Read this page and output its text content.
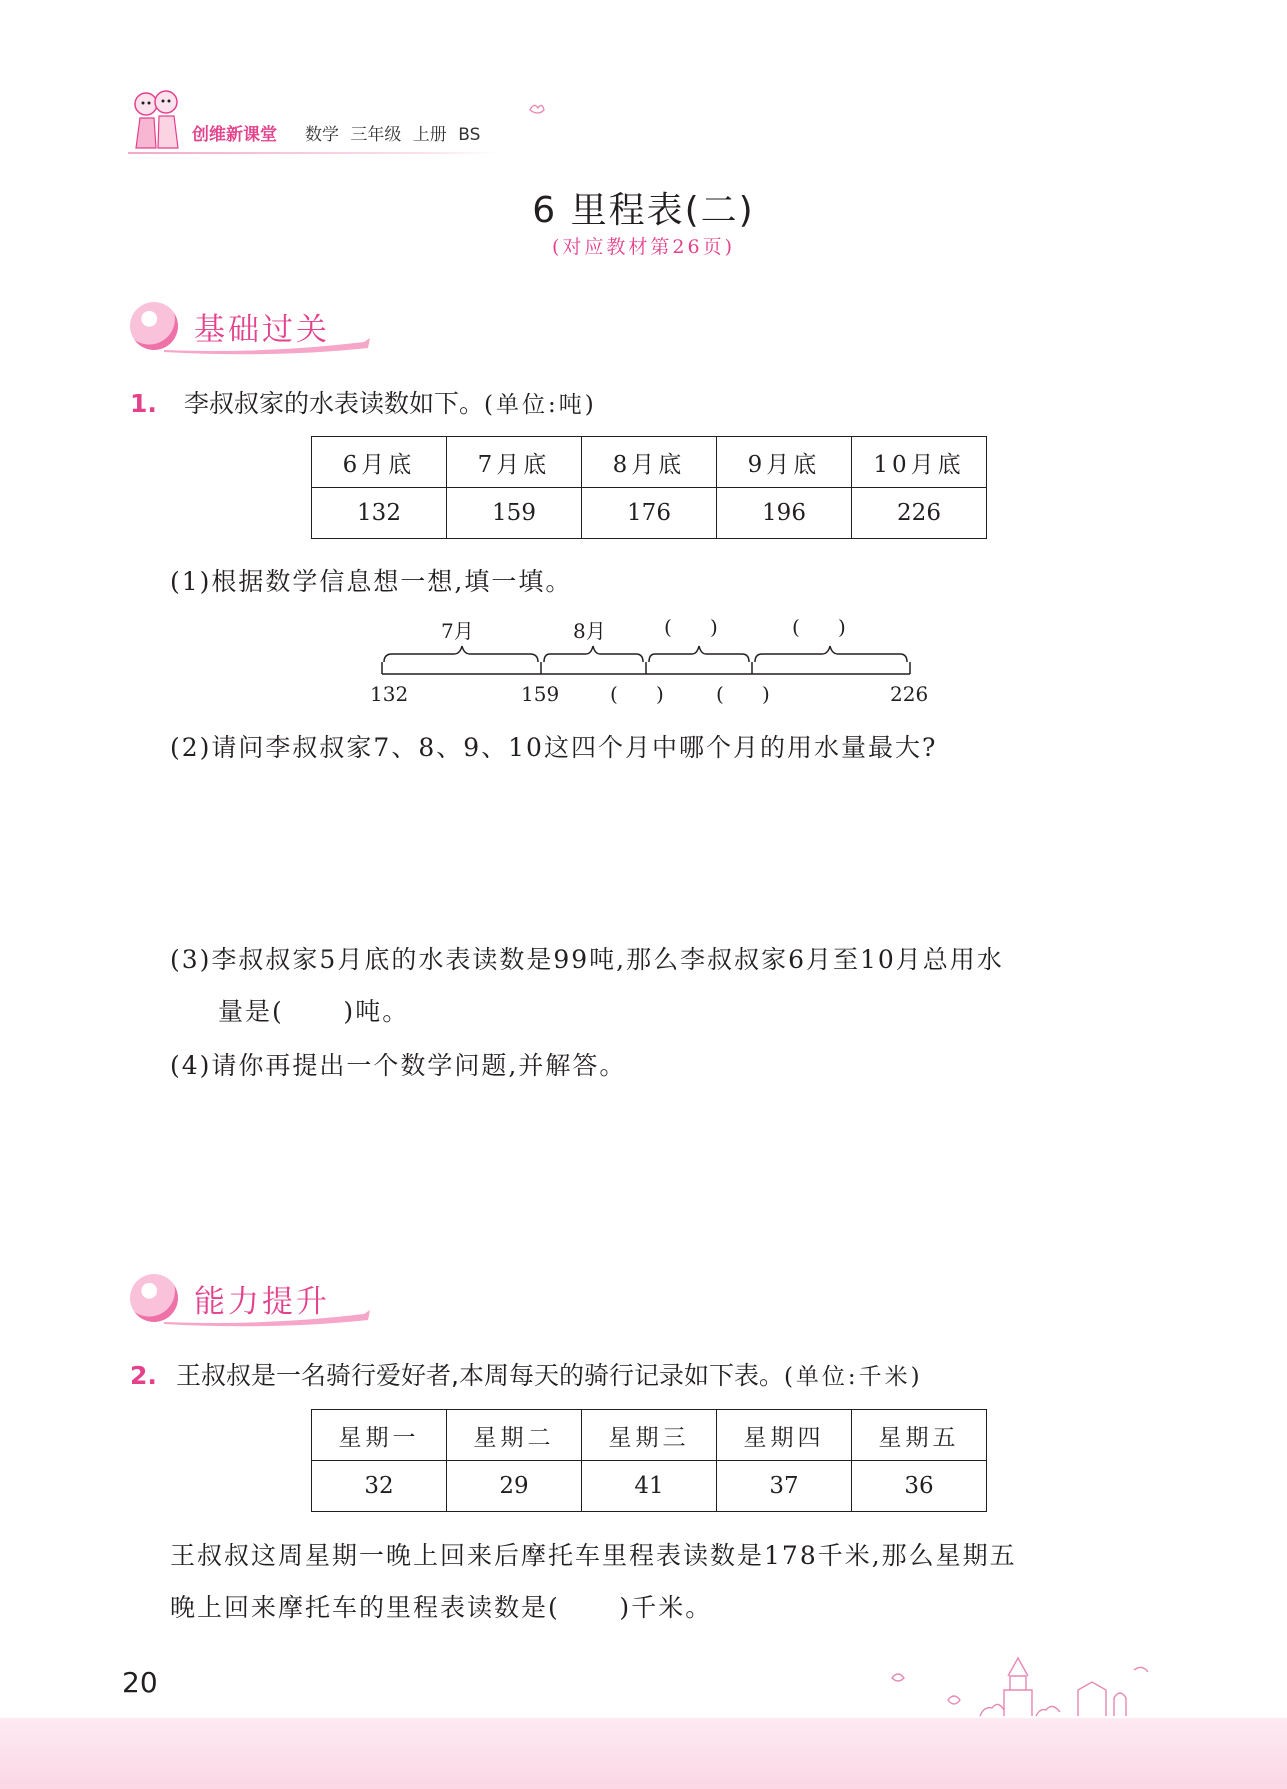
创维新课堂 数学 三年级 上册 BS
6 里程表(二)
(对应教材第26页)
基础过关
1. 李叔叔家的水表读数如下。(单位:吨)
6月底	7月底	8月底	9月底	10月底
132	159	176	196	226
(1)根据数学信息想一想,填一填。
7月	8月	(      )	(      )
132	159	(      )	(      )	226
(2)请问李叔叔家7、8、9、10这四个月中哪个月的用水量最大?
(3)李叔叔家5月底的水表读数是99吨,那么李叔叔家6月至10月总用水
量是(      )吨。
(4)请你再提出一个数学问题,并解答。
能力提升
2. 王叔叔是一名骑行爱好者,本周每天的骑行记录如下表。(单位:千米)
星期一	星期二	星期三	星期四	星期五
32	29	41	37	36
王叔叔这周星期一晚上回来后摩托车里程表读数是178千米,那么星期五
晚上回来摩托车的里程表读数是(      )千米。
20
